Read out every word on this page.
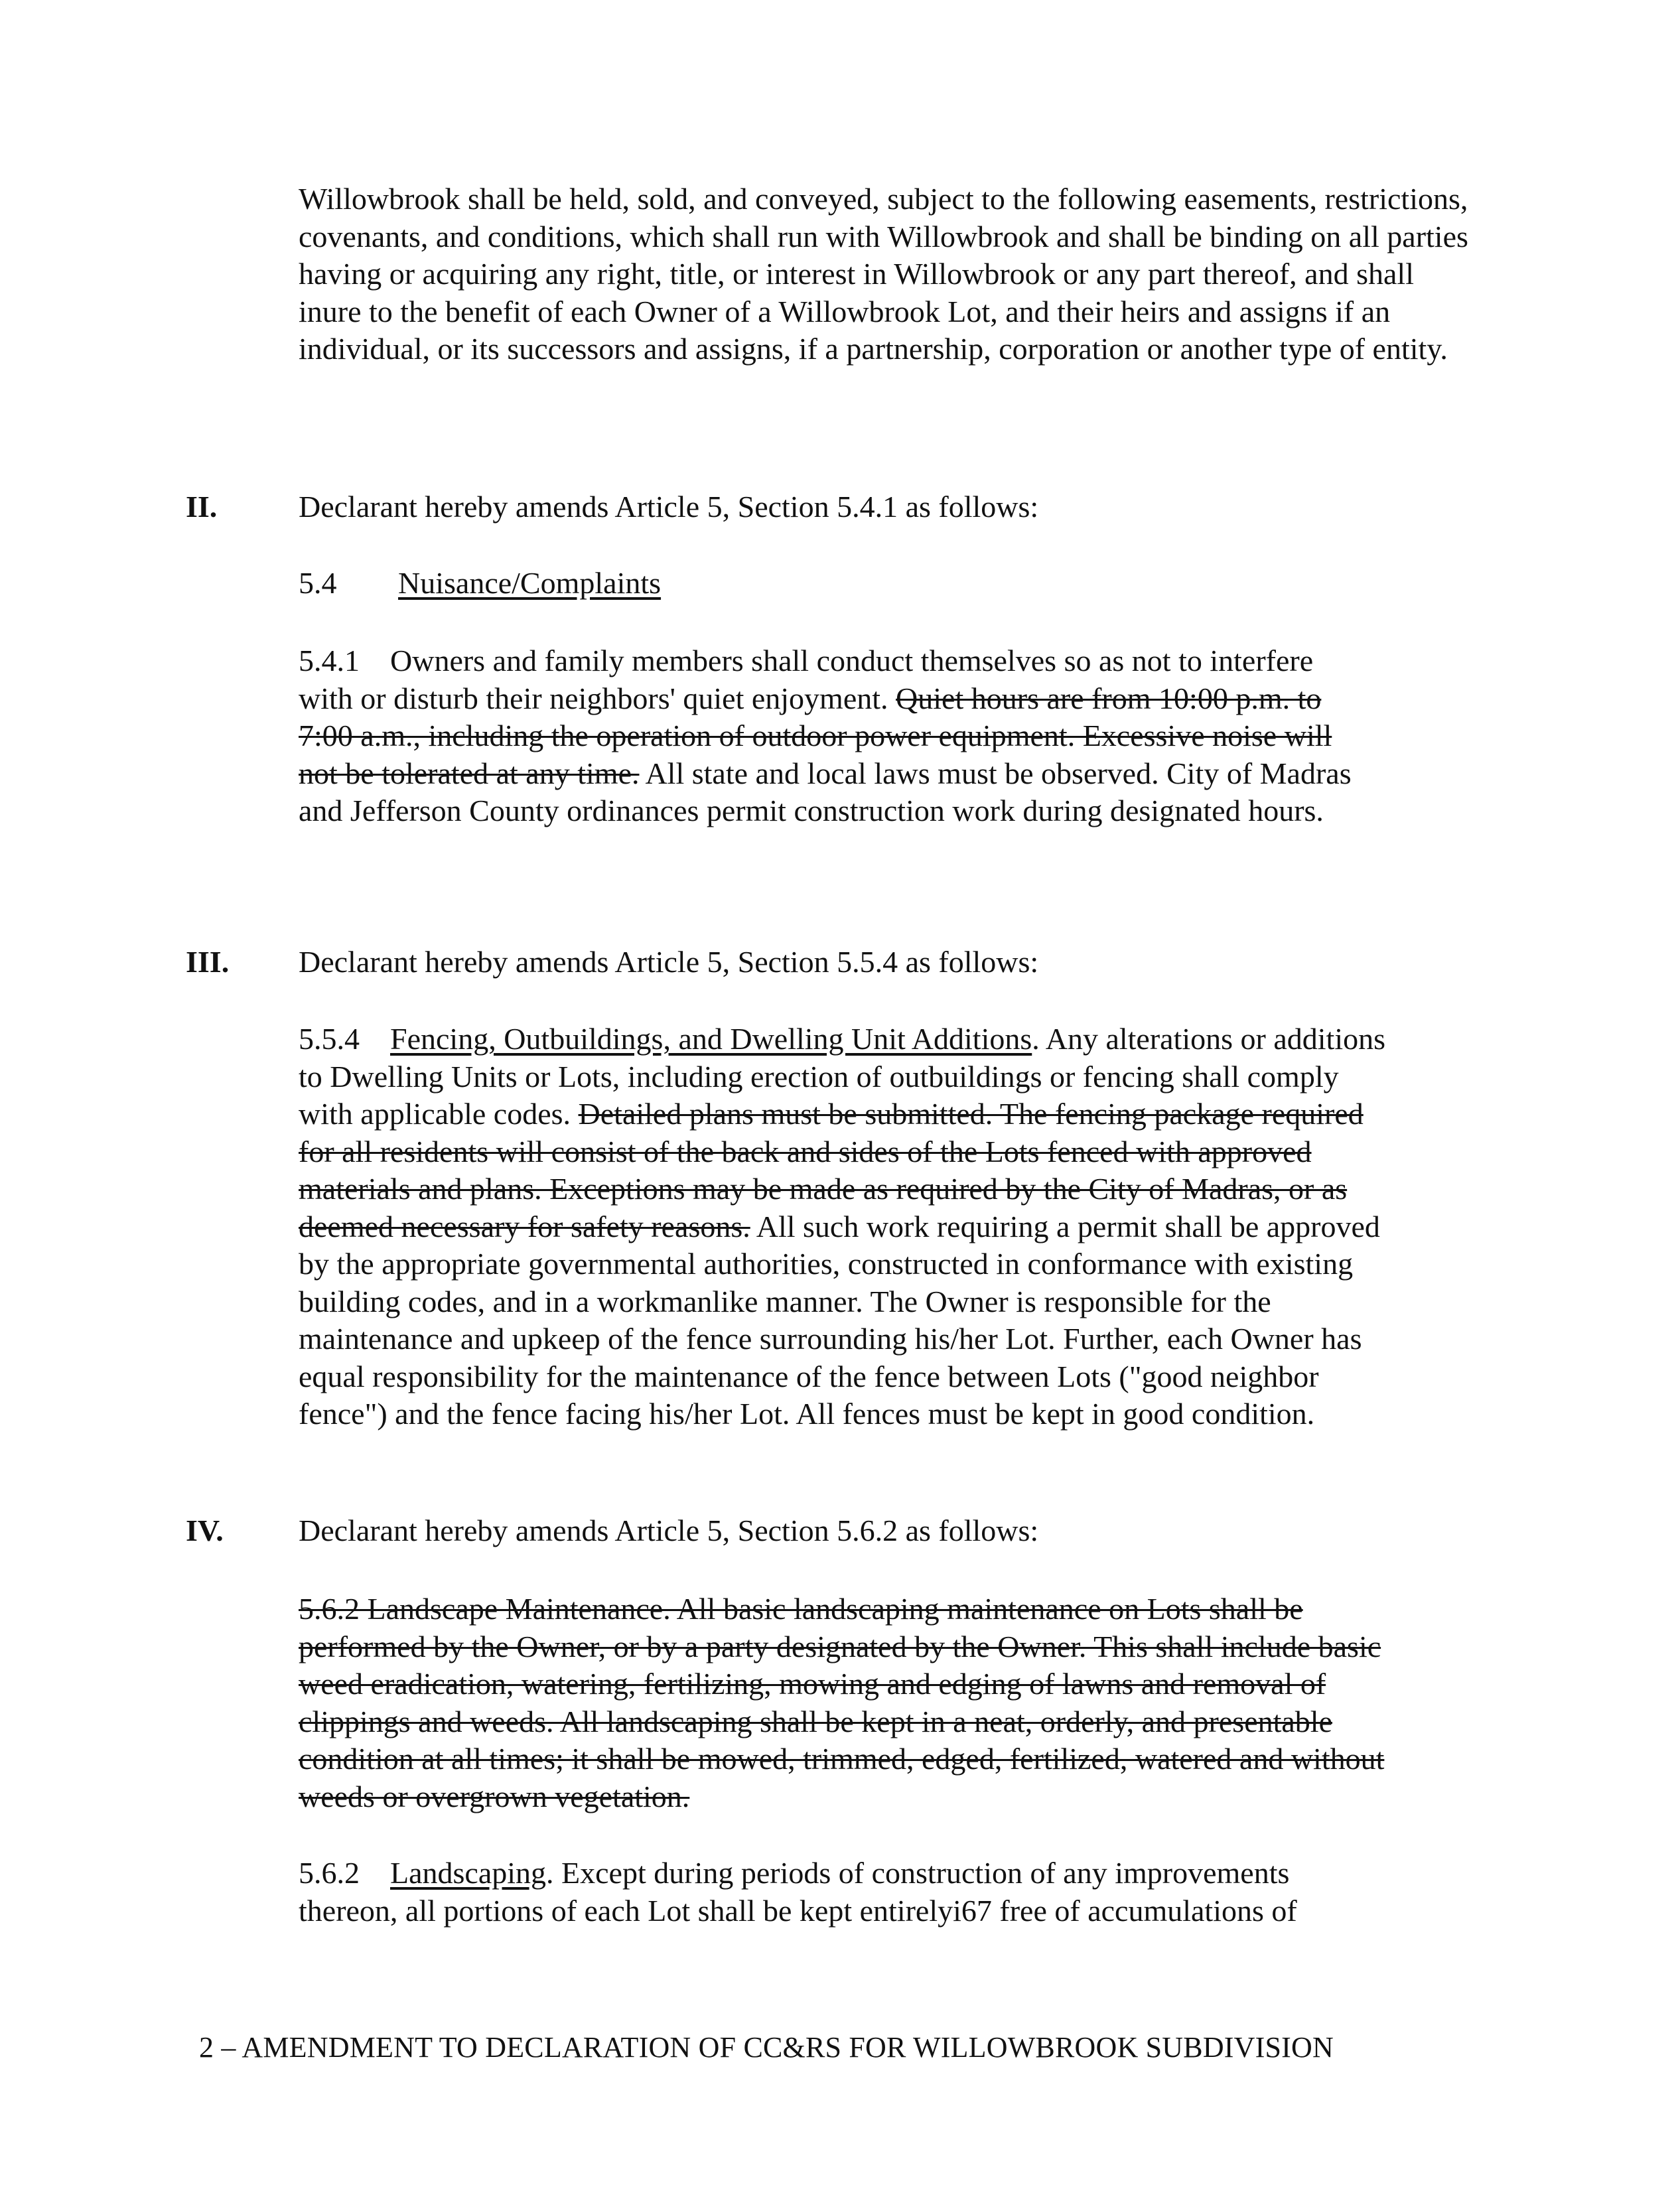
Willowbrook shall be held, sold, and conveyed, subject to the following easements, restrictions, covenants, and conditions, which shall run with Willowbrook and shall be binding on all parties having or acquiring any right, title, or interest in Willowbrook or any part thereof, and shall inure to the benefit of each Owner of a Willowbrook Lot, and their heirs and assigns if an individual, or its successors and assigns, if a partnership, corporation or another type of entity.

II.	Declarant hereby amends Article 5, Section 5.4.1 as follows:
5.4 Nuisance/Complaints

5.4.1 Owners and family members shall conduct themselves so as not to interfere with or disturb their neighbors' quiet enjoyment. Quiet hours are from 10:00 p.m. to 7:00 a.m., including the operation of outdoor power equipment. Excessive noise will not be tolerated at any time. All state and local laws must be observed. City of Madras and Jefferson County ordinances permit construction work during designated hours.

III. Declarant hereby amends Article 5, Section 5.5.4 as follows:

5.5.4 Fencing, Outbuildings, and Dwelling Unit Additions. Any alterations or additions to Dwelling Units or Lots, including erection of outbuildings or fencing shall comply with applicable codes. Detailed plans must be submitted. The fencing package required for all residents will consist of the back and sides of the Lots fenced with approved materials and plans. Exceptions may be made as required by the City of Madras, or as deemed necessary for safety reasons. All such work requiring a permit shall be approved by the appropriate governmental authorities, constructed in conformance with existing building codes, and in a workmanlike manner. The Owner is responsible for the maintenance and upkeep of the fence surrounding his/her Lot. Further, each Owner has equal responsibility for the maintenance of the fence between Lots ("good neighbor fence") and the fence facing his/her Lot. All fences must be kept in good condition.

IV. Declarant hereby amends Article 5, Section 5.6.2 as follows:

5.6.2 Landscape Maintenance. All basic landscaping maintenance on Lots shall be performed by the Owner, or by a party designated by the Owner. This shall include basic weed eradication, watering, fertilizing, mowing and edging of lawns and removal of clippings and weeds. All landscaping shall be kept in a neat, orderly, and presentable condition at all times; it shall be mowed, trimmed, edged, fertilized, watered and without weeds or overgrown vegetation.

5.6.2 Landscaping. Except during periods of construction of any improvements thereon, all portions of each Lot shall be kept entirelyi67 free of accumulations of

2 – AMENDMENT TO DECLARATION OF CC&RS FOR WILLOWBROOK SUBDIVISION
